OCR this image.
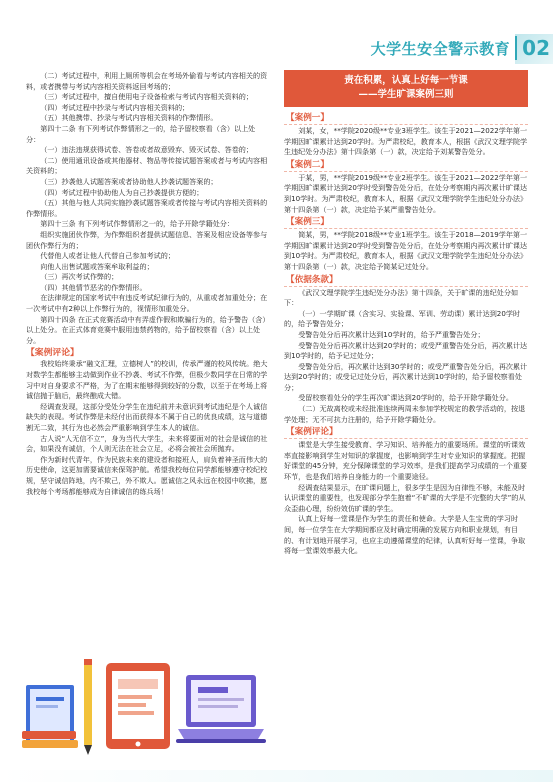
大学生安全警示教育 02

（二）考试过程中，利用上厕所等机会在考场外偷看与考试内容相关的资料，或者携带与考试内容相关资料返回考场的；

（三）考试过程中，擅自使用电子设备检索与考试内容相关资料的；

（四）考试过程中抄录与考试内容相关资料的；

（五）其他携带、抄录与考试内容相关资料的作弊情形。

第四十二条 有下列考试作弊情形之一的，给予留校察看（含）以上处分：

（一）违法违规获得试卷、答卷或者故意毁弃、毁灭试卷、答卷的；

（二）使用通讯设备或其他器材、物品等传接试题答案或者与考试内容相关资料的；

（三）抄袭他人试题答案或者协助他人抄袭试题答案的；

（四）考试过程中协助他人为自己抄袭提供方便的；

（五）其他与他人共同实施抄袭试题答案或者传接与考试内容相关资料的作弊情形。

第四十三条 有下列考试作弊情形之一的，给予开除学籍处分：

组织实施团伙作弊，为作弊组织者提供试题信息、答案及相应设备等参与团伙作弊行为的；

代替他人或者让他人代替自己参加考试的；

向他人出售试题或答案牟取利益的；

（三）再次考试作弊的；

（四）其他情节恶劣的作弊情形。

在法律规定的国家考试中有违反考试纪律行为的，从重或者加重处分；在一次考试中有2种以上作弊行为的，视情形加重处分。

第四十四条 在正式竞赛活动中有弄虚作假和欺骗行为的，给予警告（含）以上处分。在正式体育竞赛中服用违禁药物的，给予留校察看（含）以上处分。

【案例评论】

我校始终秉承“融文汇理，立德树人”的校训，传承严谨的校风传统。绝大对数学生都能够主动做到作业不抄袭、考试不作弊，但极少数同学在日常的学习中对自身要求不严格，为了在期末能够得到较好的分数，以至于在考场上将诚信抛于脑后，最终酿成大错。

经调查发现，这部分受处分学生在违纪前并未意识到考试违纪是个人诚信缺失的表现。考试作弊是未经付出而获得本不属于自己的优良成绩，这与道德割无二致，其行为也必然会严重影响到学生本人的诚信。

古人说“人无信不立”，身为当代大学生，未来将要面对的社会是诚信的社会，如果没有诚信，个人则无法在社会立足，必将会被社会所抛弃。

作为新时代青年，作为民族未来的建设者和接班人，肩负着神圣而伟大的历史使命，这更加需要诚信来保驾护航。希望我校每位同学都能够遵守校纪校规，坚守诚信阵地，内不欺己，外不欺人。愿诚信之风永远在校园中吹拂，愿我校每个考场都能够成为自律诚信的练兵场！

责在积累，认真上好每一节课
——学生旷课案例三则
【案例一】

刘某，女，**学院2020级**专业3班学生。该生于2021—2022学年第一学期因旷课累计达到20学时。为严肃校纪，教育本人，根据《武汉文理学院学生违纪处分办法》第十四条第（一）款，决定给予刘某警告处分。

【案例二】

于某，男，**学院2019级**专业2班学生。该生于2021—2022学年第一学期因旷课累计达到20学时受到警告处分后，在处分考察期内再次累计旷课达到10学时。为严肃校纪，教育本人，根据《武汉文理学院学生违纪处分办法》第十四条第（一）款，决定给予某严重警告处分。

【案例三】

简某，男，**学院2018级**专业1班学生。该生于2018—2019学年第一学期因旷课累计达到20学时受到警告处分后，在处分考察期内再次累计旷课达到10学时。为严肃校纪，教育本人，根据《武汉文理学院学生违纪处分办法》第十四条第（一）款，决定给予简某记过处分。

【依据条款】

《武汉文理学院学生违纪处分办法》第十四条，关于旷课的违纪处分如下：

（一）一学期旷课（含实习、实验课、军训、劳动课）累计达到20学时的，给予警告处分；

受警告处分后再次累计达到10学时的，给予严重警告处分；

受警告处分后再次累计达到20学时的；或受严重警告处分后，再次累计达到10学时的，给予记过处分；

受警告处分后，再次累计达到30学时的；或受严重警告处分后，再次累计达到20学时的；或受记过处分后，再次累计达到10学时的，给予留校察看处分；

受留校察看处分的学生再次旷课达到20学时的，给予开除学籍处分。

（二）无故离校或未经批准连续两周未参加学校规定的教学活动的，按退学处理；无不可抗力注册的，给予开除学籍处分。

【案例评论】

课堂是大学生接受教育、学习知识、培养能力的重要场所。课堂的听课效率直接影响到学生对知识的掌握度，也影响到学生对专业知识的掌握度。把握好课堂的45分钟，充分保障课堂的学习效率，是我们提高学习成绩的一个重要环节，也是我们培养自身能力的一个重要途径。

经调查结果显示，在旷课问题上，很多学生是因为自律性不够，未能及时认识课堂的重要性，也发现部分学生抱着“不旷课的大学是不完整的大学”的从众歪曲心理，纷纷效仿旷课的学生。

认真上好每一堂课是作为学生的责任和使命。大学是人生宝贵的学习时间，每一位学生在大学期间都应及时确定明确的发展方向和职业规划，有目的、有计划地开展学习，也应主动遵循课堂的纪律，认真听好每一堂课，争取将每一堂课效率最大化。
